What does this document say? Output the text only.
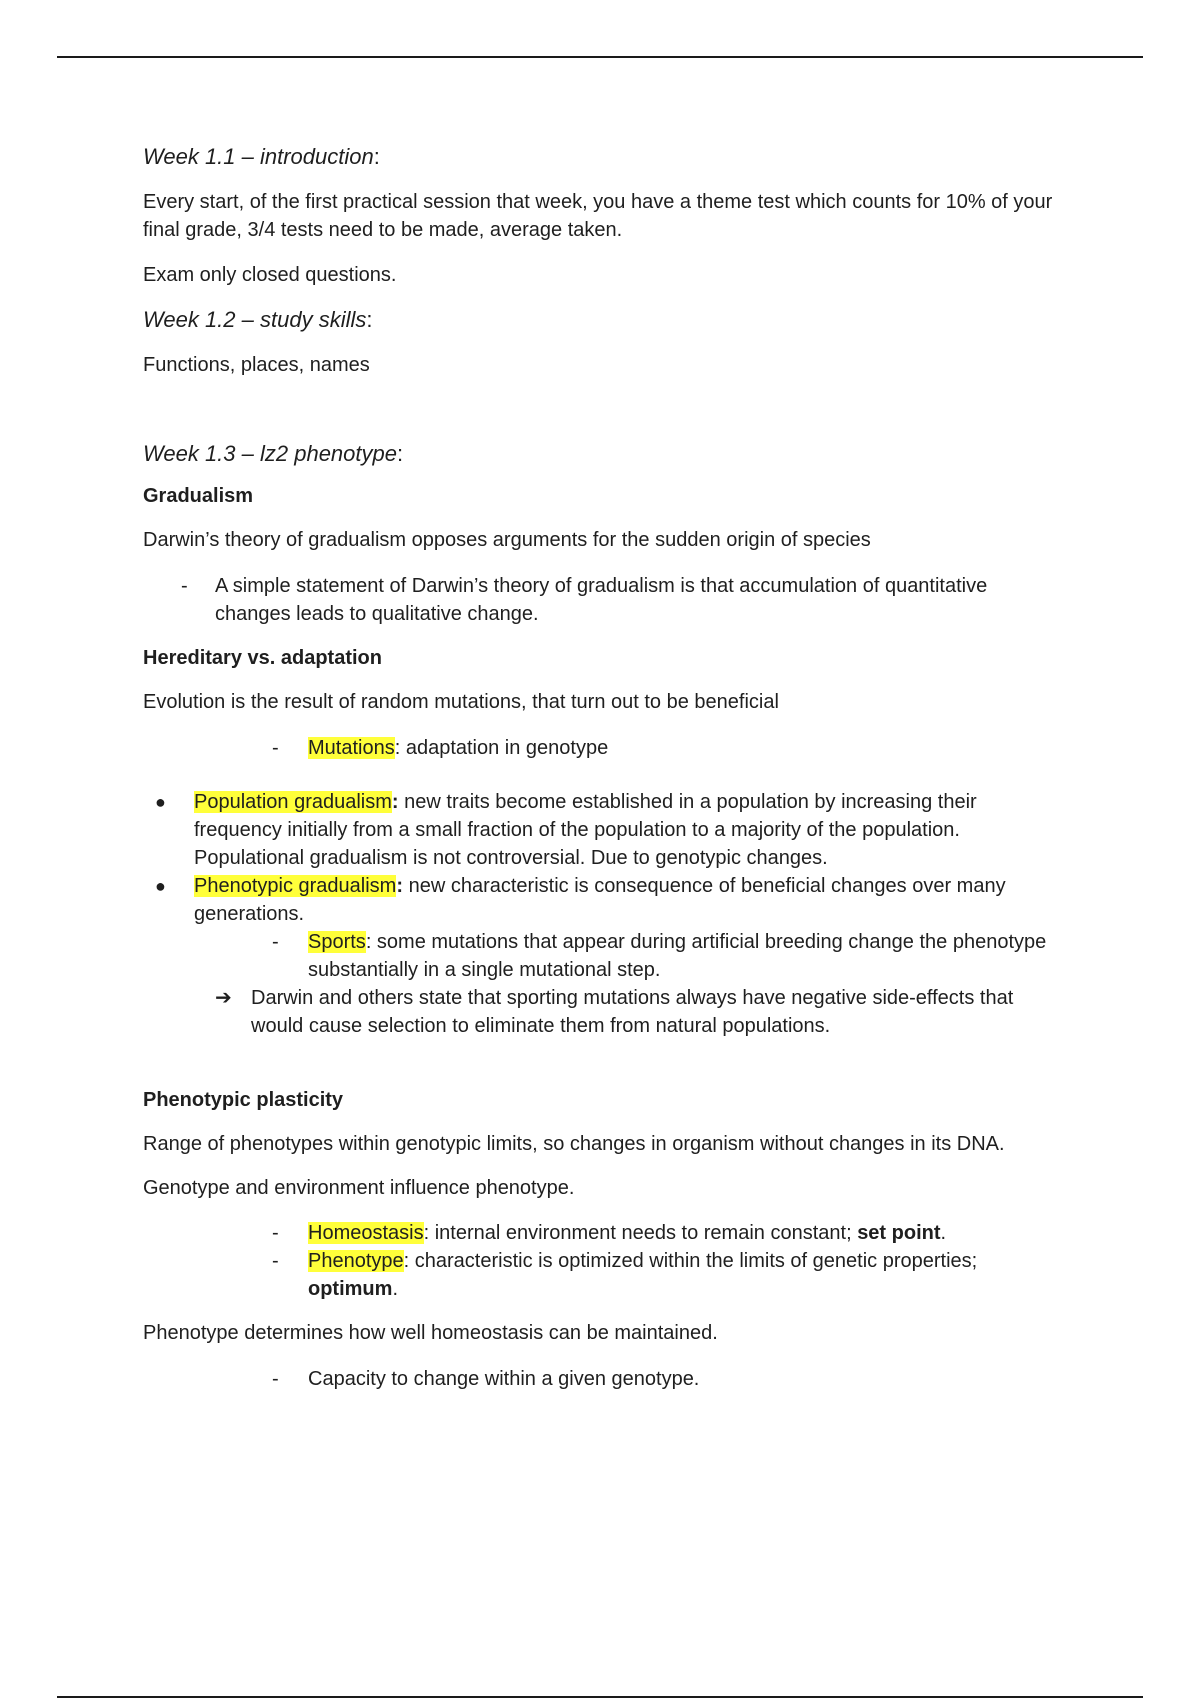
Week 1.1 – introduction:

Every start, of the first practical session that week, you have a theme test which counts for 10% of your final grade, 3/4 tests need to be made, average taken.

Exam only closed questions.

Week 1.2 – study skills:

Functions, places, names

Week 1.3 – lz2 phenotype:

Gradualism

Darwin’s theory of gradualism opposes arguments for the sudden origin of species

- A simple statement of Darwin’s theory of gradualism is that accumulation of quantitative changes leads to qualitative change.

Hereditary vs. adaptation

Evolution is the result of random mutations, that turn out to be beneficial

- Mutations: adaptation in genotype
● Population gradualism: new traits become established in a population by increasing their frequency initially from a small fraction of the population to a majority of the population. Populational gradualism is not controversial. Due to genotypic changes.
● Phenotypic gradualism: new characteristic is consequence of beneficial changes over many generations.
- Sports: some mutations that appear during artificial breeding change the phenotype substantially in a single mutational step.
➔ Darwin and others state that sporting mutations always have negative side-effects that would cause selection to eliminate them from natural populations.

Phenotypic plasticity

Range of phenotypes within genotypic limits, so changes in organism without changes in its DNA.

Genotype and environment influence phenotype.

- Homeostasis: internal environment needs to remain constant; set point.
- Phenotype: characteristic is optimized within the limits of genetic properties; optimum.

Phenotype determines how well homeostasis can be maintained.

- Capacity to change within a given genotype.
